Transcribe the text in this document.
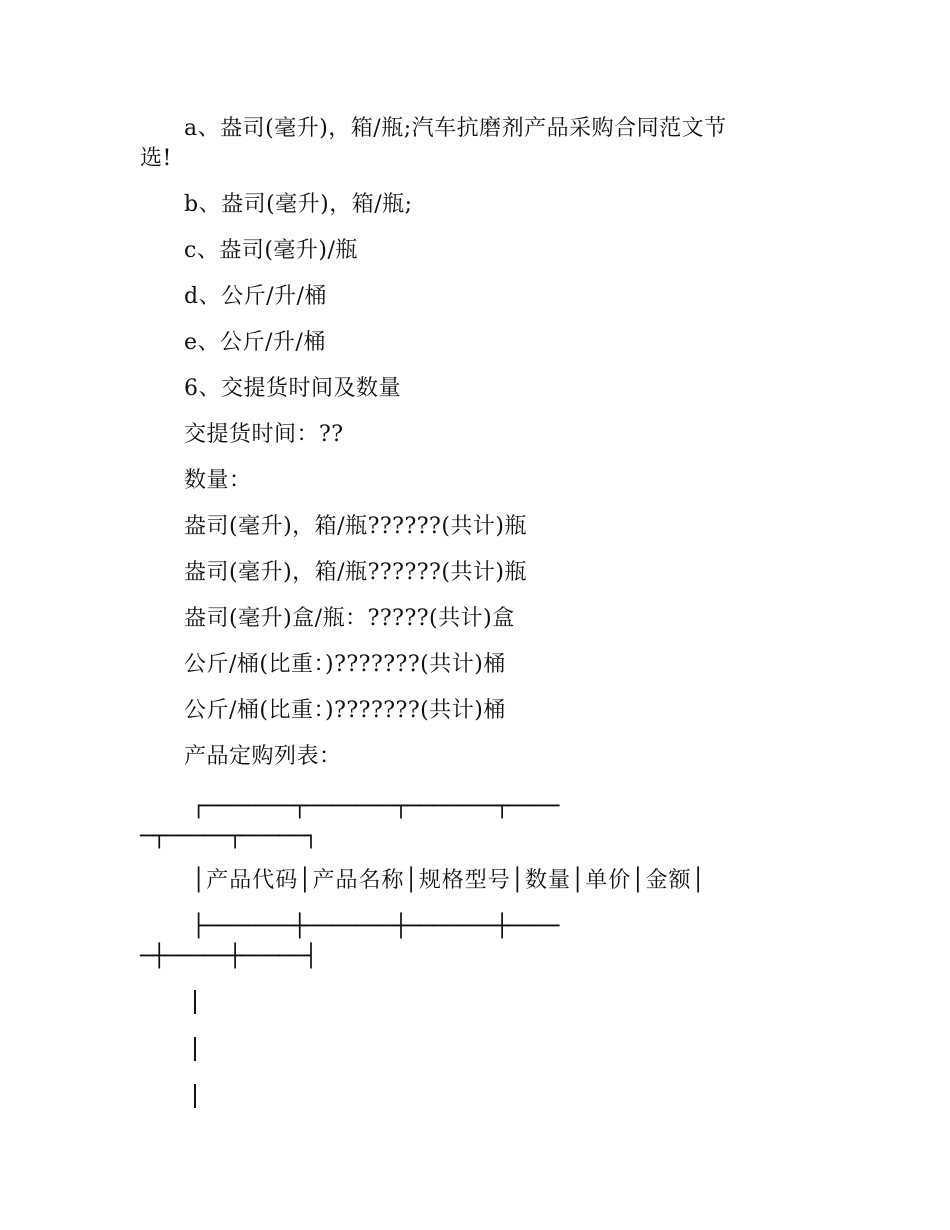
a、盎司(毫升)，箱/瓶;汽车抗磨剂产品采购合同范文节
选!
b、盎司(毫升)，箱/瓶;
c、盎司(毫升)/瓶
d、公斤/升/桶
e、公斤/升/桶
6、交提货时间及数量
交提货时间：??
数量：
盎司(毫升)，箱/瓶??????(共计)瓶
盎司(毫升)，箱/瓶??????(共计)瓶
盎司(毫升)盒/瓶：?????(共计)盒
公斤/桶(比重：)???????(共计)桶
公斤/桶(比重：)???????(共计)桶
产品定购列表：
┌───────┬───────┬───────┬────
─┬─────┬─────┐
│产品代码│产品名称│规格型号│数量│单价│金额│
├───────┼───────┼───────┼────
─┼─────┼─────┤
